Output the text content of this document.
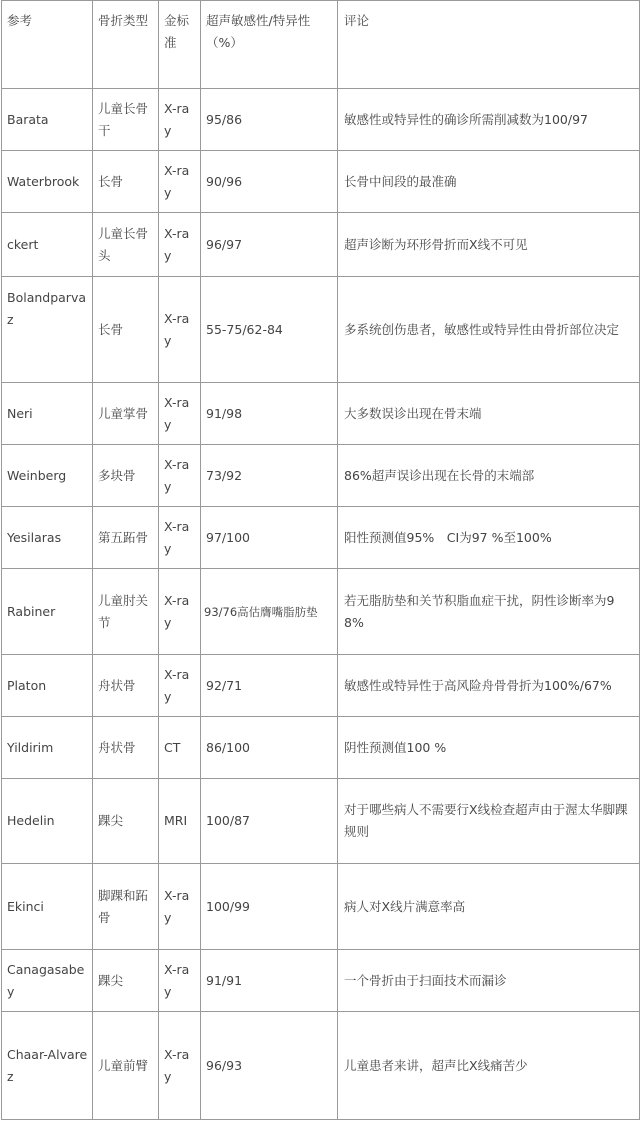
参考	骨折类型	金标准	超声敏感性/特异性（%）	评论
Barata	儿童长骨干	X-ray	95/86	敏感性或特异性的确诊所需削减数为100/97
Waterbrook	长骨	X-ray	90/96	长骨中间段的最准确
ckert	儿童长骨头	X-ray	96/97	超声诊断为环形骨折而X线不可见
Bolandparvaz	长骨	X-ray	55-75/62-84	多系统创伤患者，敏感性或特异性由骨折部位决定
Neri	儿童掌骨	X-ray	91/98	大多数误诊出现在骨末端
Weinberg	多块骨	X-ray	73/92	86%超声误诊出现在长骨的末端部
Yesilaras	第五跖骨	X-ray	97/100	阳性预测值95%　CI为97 %至100%
Rabiner	儿童肘关节	X-ray	93/76高估膺嘴脂肪垫	若无脂肪垫和关节积脂血症干扰，阴性诊断率为98%
Platon	舟状骨	X-ray	92/71	敏感性或特异性于高风险舟骨骨折为100%/67%
Yildirim	舟状骨	CT	86/100	阴性预测值100 %
Hedelin	踝尖	MRI	100/87	对于哪些病人不需要行X线检查超声由于渥太华脚踝规则
Ekinci	脚踝和跖骨	X-ray	100/99	病人对X线片满意率高
Canagasabey	踝尖	X-ray	91/91	一个骨折由于扫面技术而漏诊
Chaar-Alvarez	儿童前臂	X-ray	96/93	儿童患者来讲，超声比X线痛苦少
